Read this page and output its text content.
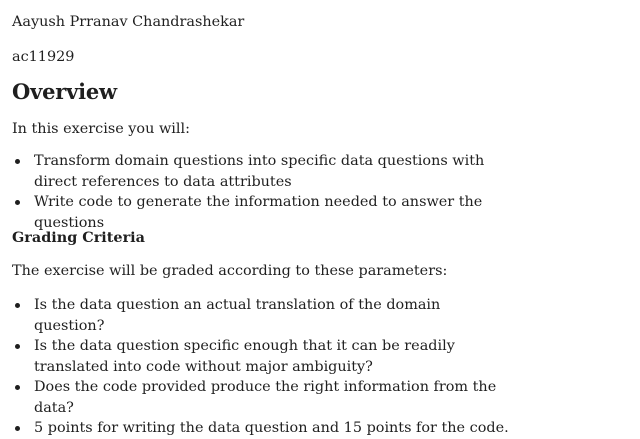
Aayush Prranav Chandrashekar

ac11929

Overview

In this exercise you will:

Transform domain questions into specific data questions with direct references to data attributes
Write code to generate the information needed to answer the questions
Grading Criteria

The exercise will be graded according to these parameters:

Is the data question an actual translation of the domain question?
Is the data question specific enough that it can be readily translated into code without major ambiguity?
Does the code provided produce the right information from the data?
5 points for writing the data question and 15 points for the code.
